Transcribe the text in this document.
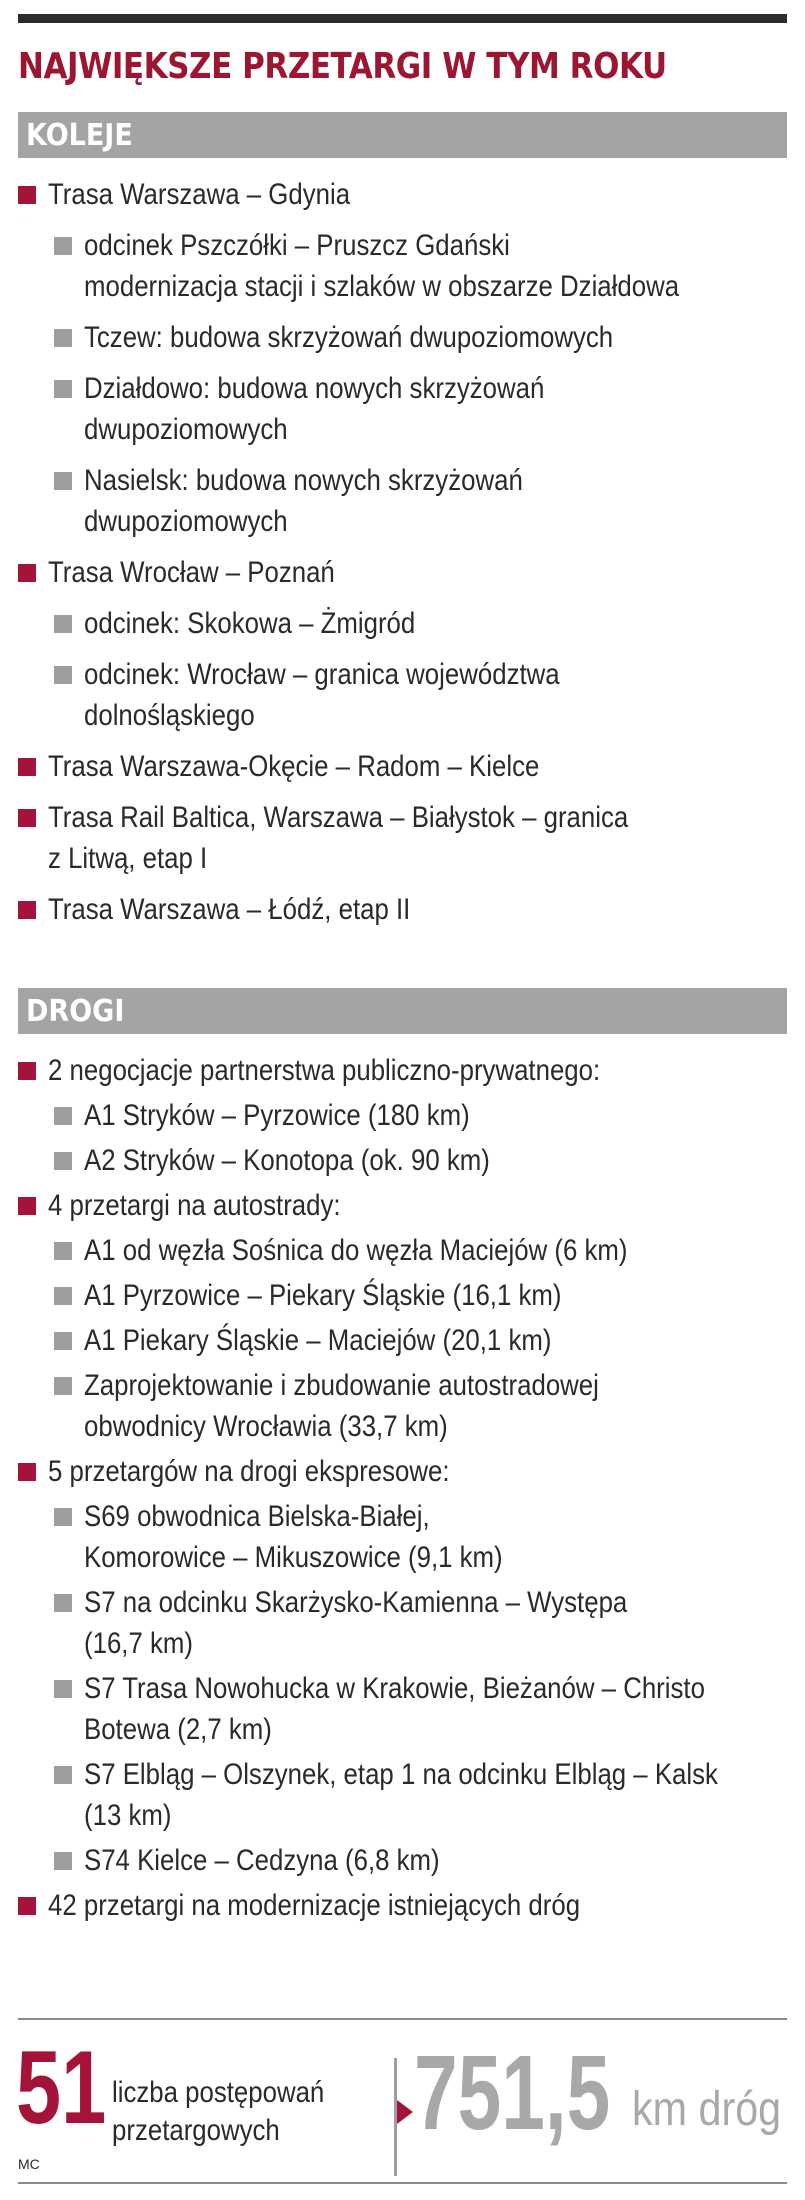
NAJWIĘKSZE PRZETARGI W TYM ROKU
KOLEJE
Trasa Warszawa – Gdynia
odcinek Pszczółki – Pruszcz Gdański
modernizacja stacji i szlaków w obszarze Działdowa
Tczew: budowa skrzyżowań dwupoziomowych
Działdowo: budowa nowych skrzyżowań
dwupoziomowych
Nasielsk: budowa nowych skrzyżowań
dwupoziomowych
Trasa Wrocław – Poznań
odcinek: Skokowa – Żmigród
odcinek: Wrocław – granica województwa
dolnośląskiego
Trasa Warszawa-Okęcie – Radom – Kielce
Trasa Rail Baltica, Warszawa – Białystok – granica
z Litwą, etap I
Trasa Warszawa – Łódź, etap II
DROGI
2 negocjacje partnerstwa publiczno-prywatnego:
A1 Stryków – Pyrzowice (180 km)
A2 Stryków – Konotopa (ok. 90 km)
4 przetargi na autostrady:
A1 od węzła Sośnica do węzła Maciejów (6 km)
A1 Pyrzowice – Piekary Śląskie (16,1 km)
A1 Piekary Śląskie – Maciejów (20,1 km)
Zaprojektowanie i zbudowanie autostradowej
obwodnicy Wrocławia (33,7 km)
5 przetargów na drogi ekspresowe:
S69 obwodnica Bielska-Białej,
Komorowice – Mikuszowice (9,1 km)
S7 na odcinku Skarżysko-Kamienna – Występa
(16,7 km)
S7 Trasa Nowohucka w Krakowie, Bieżanów – Christo
Botewa (2,7 km)
S7 Elbląg – Olszynek, etap 1 na odcinku Elbląg – Kalsk
(13 km)
S74 Kielce – Cedzyna (6,8 km)
42 przetargi na modernizacje istniejących dróg
51
MC
liczba postępowań
przetargowych	751,5 km dróg
